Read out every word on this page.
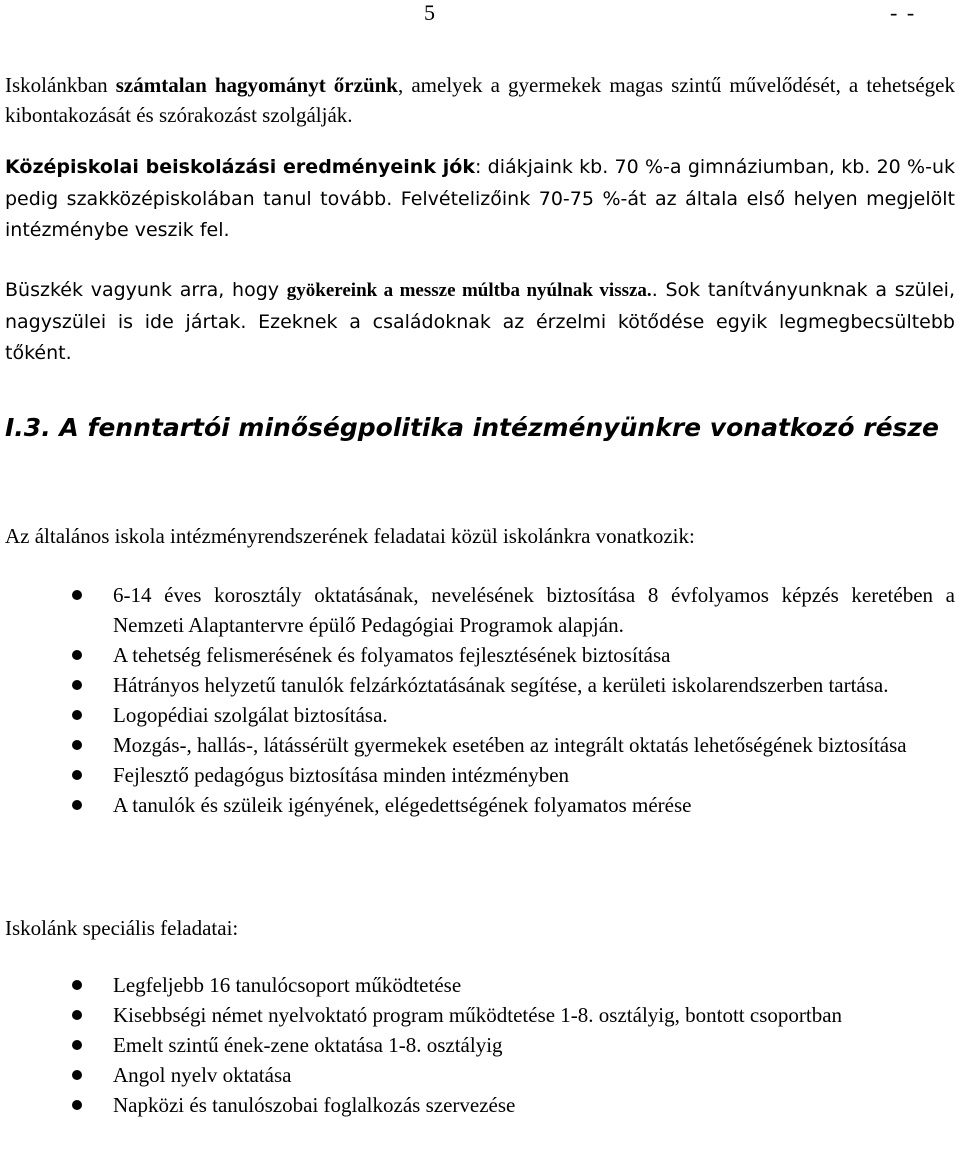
5	- -

Iskolánkban számtalan hagyományt őrzünk, amelyek a gyermekek magas szintű művelődését, a tehetségek kibontakozását és szórakozást szolgálják.

Középiskolai beiskolázási eredményeink jók: diákjaink kb. 70 %-a gimnáziumban, kb. 20 %-uk pedig szakközépiskolában tanul tovább. Felvételizőink 70-75 %-át az általa első helyen megjelölt intézménybe veszik fel.

Büszkék vagyunk arra, hogy gyökereink a messze múltba nyúlnak vissza.. Sok tanítványunknak a szülei, nagyszülei is ide jártak. Ezeknek a családoknak az érzelmi kötődése egyik legmegbecsültebb tőként.

I.3. A fenntartói minőségpolitika intézményünkre vonatkozó része
Az általános iskola intézményrendszerének feladatai közül iskolánkra vonatkozik:
6-14 éves korosztály oktatásának, nevelésének biztosítása 8 évfolyamos képzés keretében a Nemzeti Alaptantervre épülő Pedagógiai Programok alapján.
A tehetség felismerésének és folyamatos fejlesztésének biztosítása
Hátrányos helyzetű tanulók felzárkóztatásának segítése, a kerületi iskolarendszerben tartása.
Logopédiai szolgálat biztosítása.
Mozgás-, hallás-, látássérült gyermekek esetében az integrált oktatás lehetőségének biztosítása
Fejlesztő pedagógus biztosítása minden intézményben
A tanulók és szüleik igényének, elégedettségének folyamatos mérése
Iskolánk speciális feladatai:
Legfeljebb 16 tanulócsoport működtetése
Kisebbségi német nyelvoktató program működtetése 1-8. osztályig, bontott csoportban
Emelt szintű ének-zene oktatása 1-8. osztályig
Angol nyelv oktatása
Napközi és tanulószobai foglalkozás szervezése
